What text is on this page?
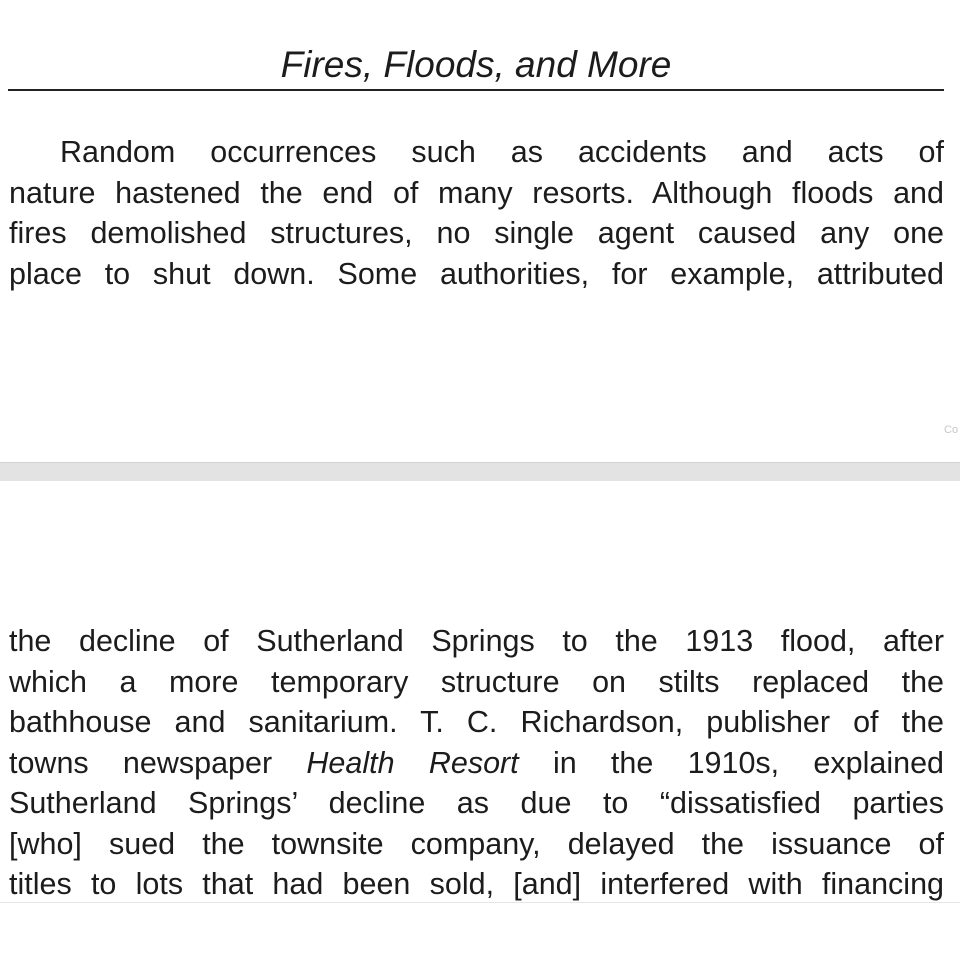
Fires, Floods, and More
Random occurrences such as accidents and acts of
nature hastened the end of many resorts. Although floods and
fires demolished structures, no single agent caused any one
place to shut down. Some authorities, for example, attributed
Co
the decline of Sutherland Springs to the 1913 flood, after
which a more temporary structure on stilts replaced the
bathhouse and sanitarium. T. C. Richardson, publisher of the
towns newspaper Health Resort in the 1910s, explained
Sutherland Springs’ decline as due to “dissatisfied parties
[who] sued the townsite company, delayed the issuance of
titles to lots that had been sold, [and] interfered with financing
